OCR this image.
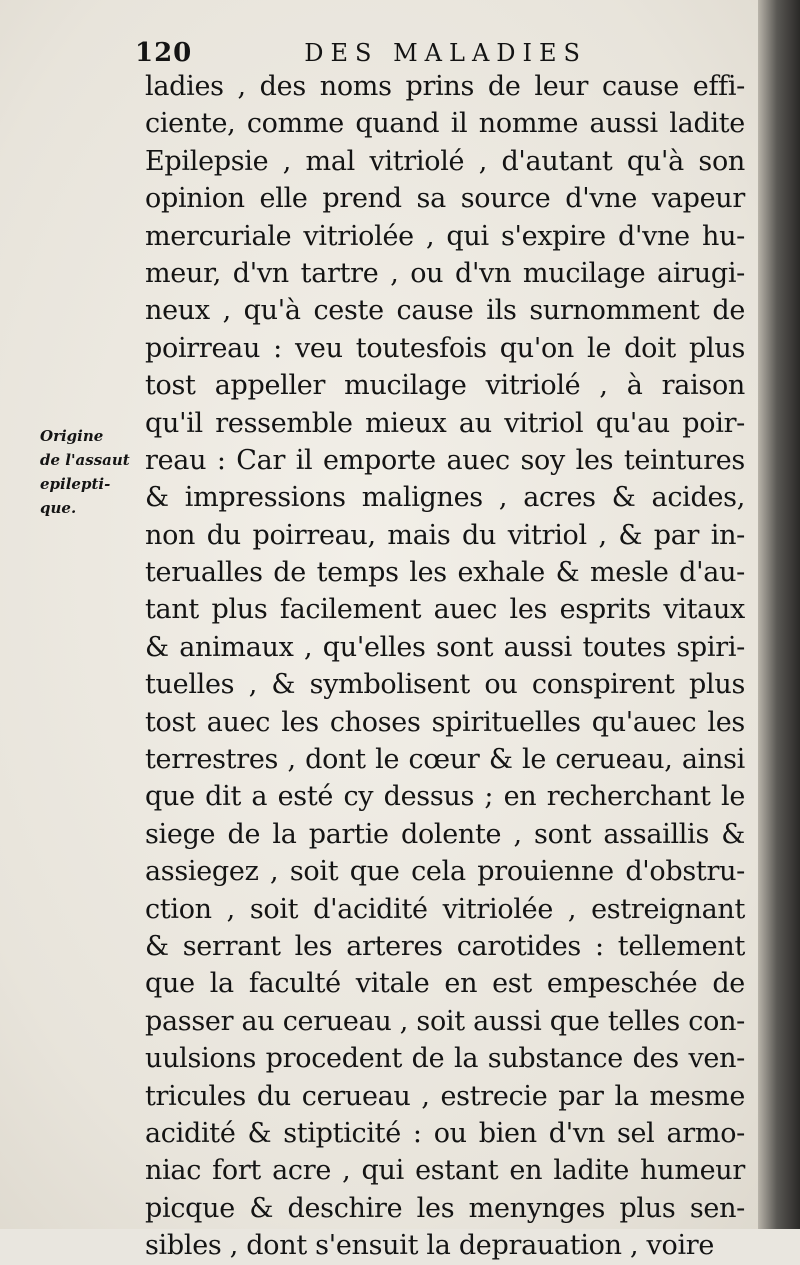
120	DES MALADIES
Origine
de l'assaut
epilepti-
que.
ladies , des noms prins de leur cause effi-
ciente, comme quand il nomme aussi ladite
Epilepsie , mal vitriolé , d'autant qu'à son
opinion elle prend sa source d'vne vapeur
mercuriale vitriolée , qui s'expire d'vne hu-
meur, d'vn tartre , ou d'vn mucilage airugi-
neux , qu'à ceste cause ils surnomment de
poirreau : veu toutesfois qu'on le doit plus
tost appeller mucilage vitriolé , à raison
qu'il ressemble mieux au vitriol qu'au poir-
reau : Car il emporte auec soy les teintures
& impressions malignes , acres & acides,
non du poirreau, mais du vitriol , & par in-
terualles de temps les exhale & mesle d'au-
tant plus facilement auec les esprits vitaux
& animaux , qu'elles sont aussi toutes spiri-
tuelles , & symbolisent ou conspirent plus
tost auec les choses spirituelles qu'auec les
terrestres , dont le cœur & le cerueau, ainsi
que dit a esté cy dessus ; en recherchant le
siege de la partie dolente , sont assaillis &
assiegez , soit que cela prouienne d'obstru-
ction , soit d'acidité vitriolée , estreignant
& serrant les arteres carotides : tellement
que la faculté vitale en est empeschée de
passer au cerueau , soit aussi que telles con-
uulsions procedent de la substance des ven-
tricules du cerueau , estrecie par la mesme
acidité & stipticité : ou bien d'vn sel armo-
niac fort acre , qui estant en ladite humeur
picque & deschire les menynges plus sen-
sibles , dont s'ensuit la deprauation , voire
